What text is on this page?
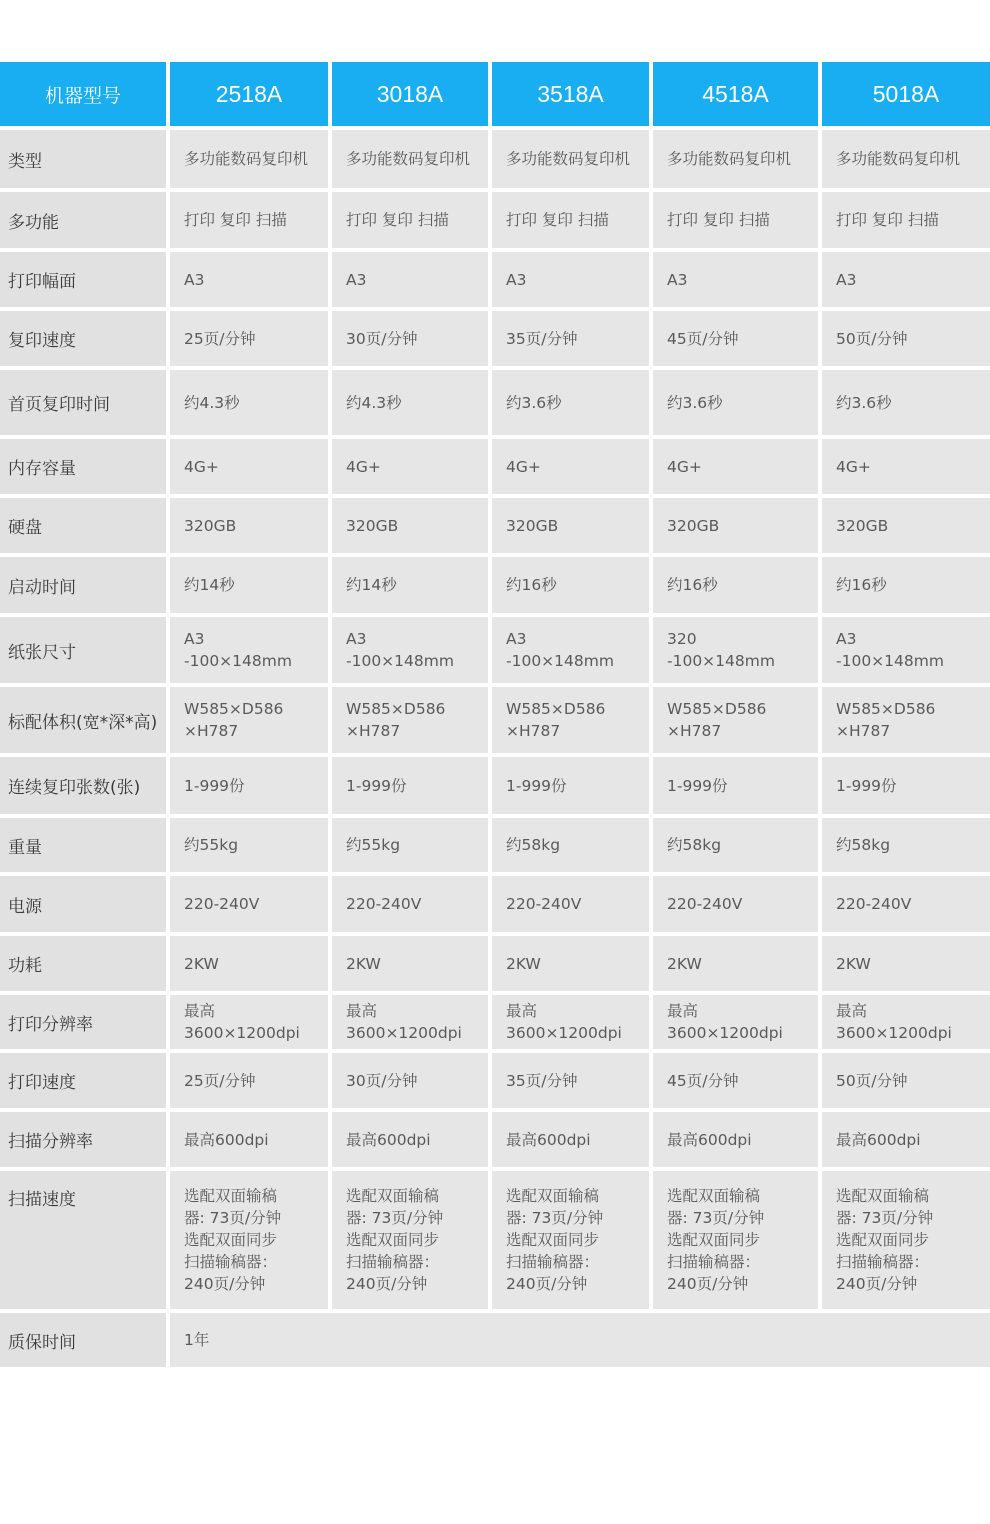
机器型号	2518A	3018A	3518A	4518A	5018A
类型	多功能数码复印机	多功能数码复印机	多功能数码复印机	多功能数码复印机	多功能数码复印机

多功能	打印 复印 扫描	打印 复印 扫描	打印 复印 扫描	打印 复印 扫描	打印 复印 扫描

打印幅面	A3	A3	A3	A3	A3

复印速度	25页/分钟	30页/分钟	35页/分钟	45页/分钟	50页/分钟

首页复印时间	约4.3秒	约4.3秒	约3.6秒	约3.6秒	约3.6秒

内存容量	4G+	4G+	4G+	4G+	4G+

硬盘	320GB	320GB	320GB	320GB	320GB

启动时间	约14秒	约14秒	约16秒	约16秒	约16秒

纸张尺寸	A3
-100×148mm	A3
-100×148mm	A3
-100×148mm	320
-100×148mm	A3
-100×148mm

标配体积(宽*深*高)	W585×D586
×H787	W585×D586
×H787	W585×D586
×H787	W585×D586
×H787	W585×D586
×H787

连续复印张数(张)	1-999份	1-999份	1-999份	1-999份	1-999份

重量	约55kg	约55kg	约58kg	约58kg	约58kg

电源	220-240V	220-240V	220-240V	220-240V	220-240V

功耗	2KW	2KW	2KW	2KW	2KW

打印分辨率	最高
3600×1200dpi	最高
3600×1200dpi	最高
3600×1200dpi	最高
3600×1200dpi	最高
3600×1200dpi

打印速度	25页/分钟	30页/分钟	35页/分钟	45页/分钟	50页/分钟

扫描分辨率	最高600dpi	最高600dpi	最高600dpi	最高600dpi	最高600dpi

扫描速度	选配双面输稿
器: 73页/分钟
选配双面同步
扫描输稿器：
240页/分钟	选配双面输稿
器: 73页/分钟
选配双面同步
扫描输稿器：
240页/分钟	选配双面输稿
器: 73页/分钟
选配双面同步
扫描输稿器：
240页/分钟	选配双面输稿
器: 73页/分钟
选配双面同步
扫描输稿器：
240页/分钟	选配双面输稿
器: 73页/分钟
选配双面同步
扫描输稿器：
240页/分钟

质保时间	1年				
